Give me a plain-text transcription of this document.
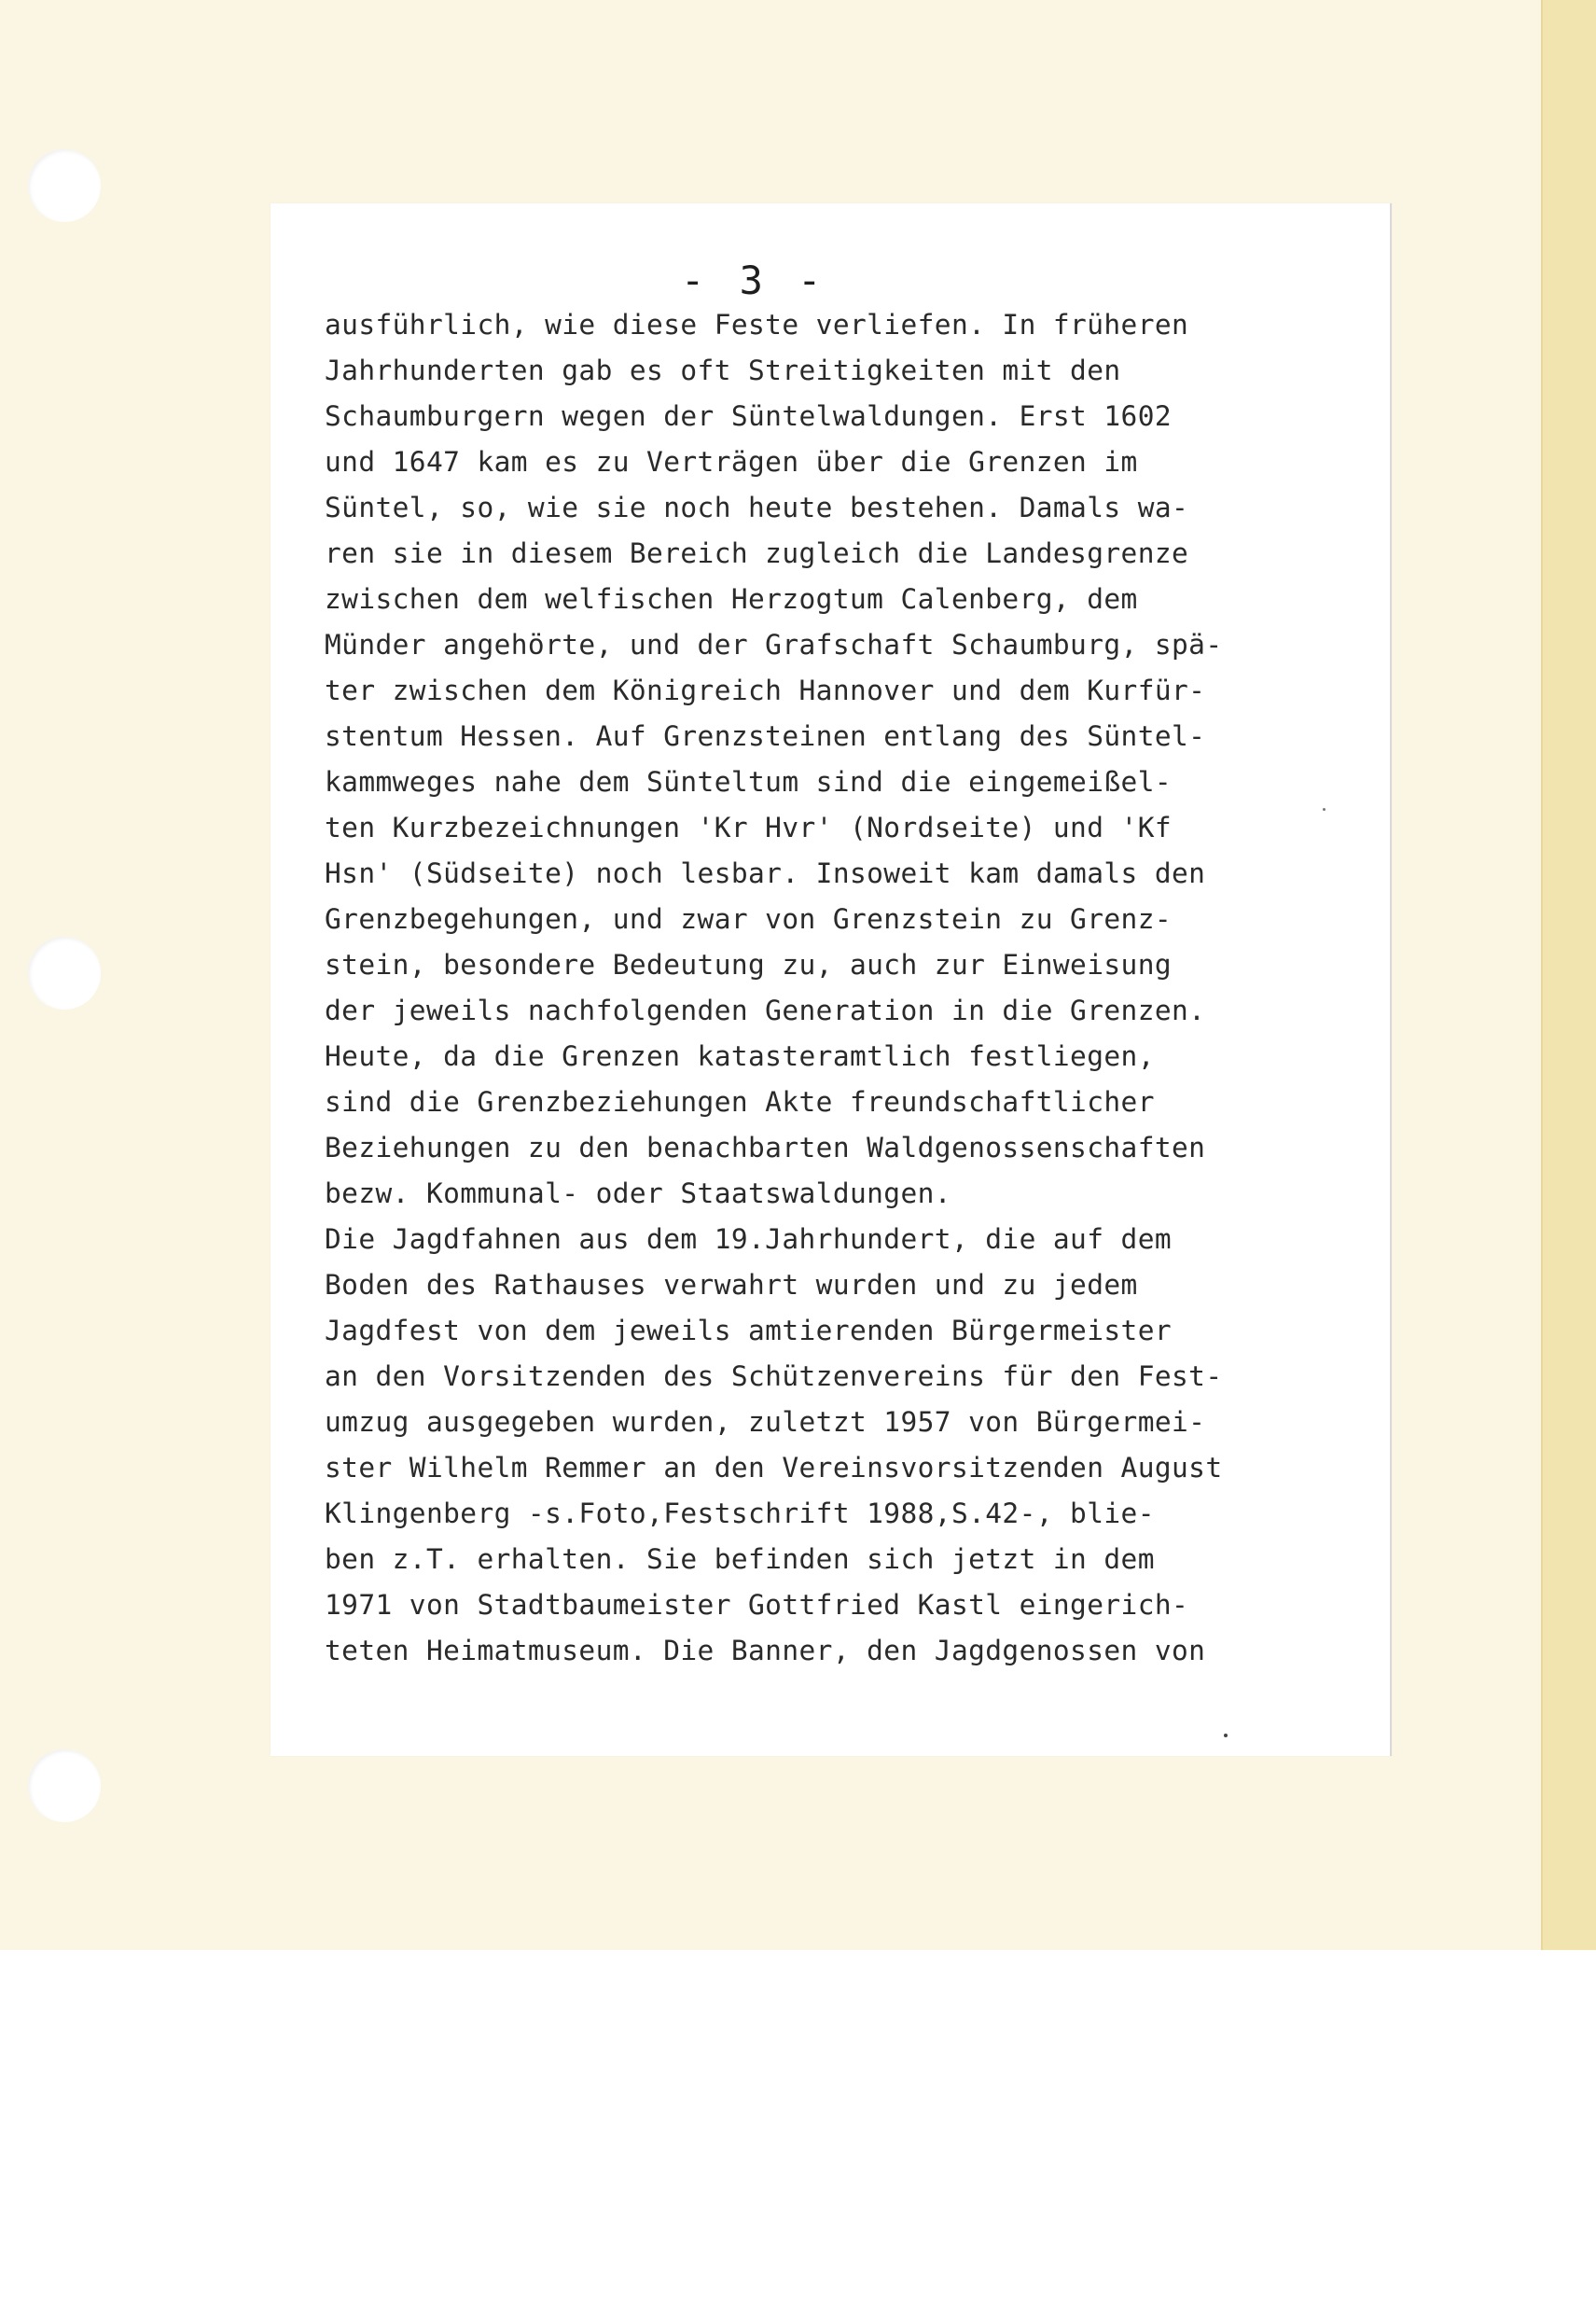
- 3 -
ausführlich, wie diese Feste verliefen. In früheren
Jahrhunderten gab es oft Streitigkeiten mit den
Schaumburgern wegen der Süntelwaldungen. Erst 1602
und 1647 kam es zu Verträgen über die Grenzen im
Süntel, so, wie sie noch heute bestehen. Damals wa-
ren sie in diesem Bereich zugleich die Landesgrenze
zwischen dem welfischen Herzogtum Calenberg, dem
Münder angehörte, und der Grafschaft Schaumburg, spä-
ter zwischen dem Königreich Hannover und dem Kurfür-
stentum Hessen. Auf Grenzsteinen entlang des Süntel-
kammweges nahe dem Sünteltum sind die eingemeißel-
ten Kurzbezeichnungen 'Kr Hvr' (Nordseite) und 'Kf
Hsn' (Südseite) noch lesbar. Insoweit kam damals den
Grenzbegehungen, und zwar von Grenzstein zu Grenz-
stein, besondere Bedeutung zu, auch zur Einweisung
der jeweils nachfolgenden Generation in die Grenzen.
Heute, da die Grenzen katasteramtlich festliegen,
sind die Grenzbeziehungen Akte freundschaftlicher
Beziehungen zu den benachbarten Waldgenossenschaften
bezw. Kommunal- oder Staatswaldungen.
Die Jagdfahnen aus dem 19.Jahrhundert, die auf dem
Boden des Rathauses verwahrt wurden und zu jedem
Jagdfest von dem jeweils amtierenden Bürgermeister
an den Vorsitzenden des Schützenvereins für den Fest-
umzug ausgegeben wurden, zuletzt 1957 von Bürgermei-
ster Wilhelm Remmer an den Vereinsvorsitzenden August
Klingenberg -s.Foto,Festschrift 1988,S.42-, blie-
ben z.T. erhalten. Sie befinden sich jetzt in dem
1971 von Stadtbaumeister Gottfried Kastl eingerich-
teten Heimatmuseum. Die Banner, den Jagdgenossen von
